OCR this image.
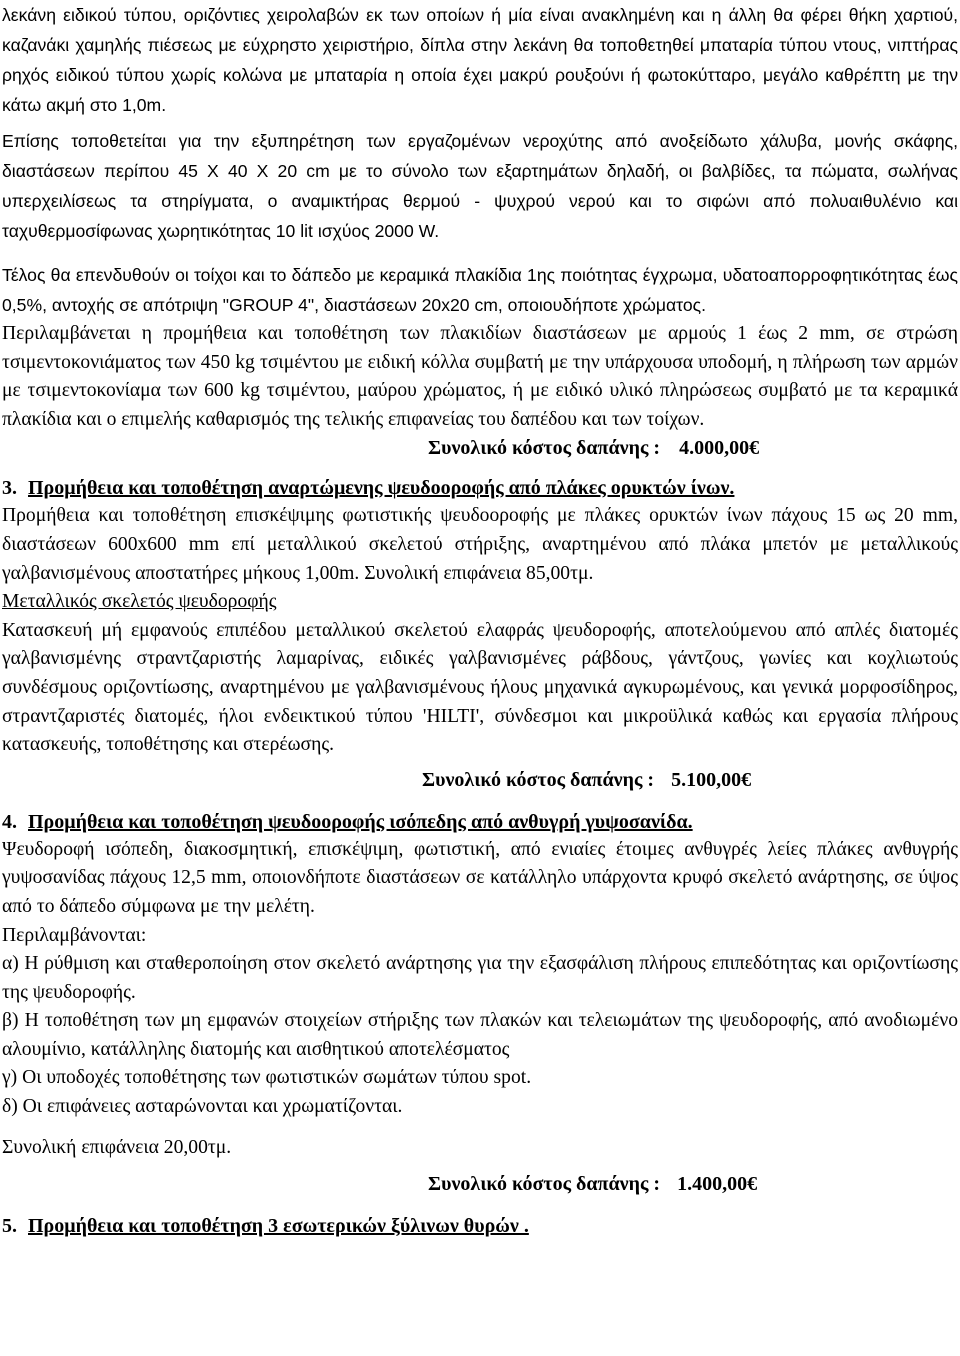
λεκάνη ειδικού τύπου, οριζόντιες χειρολαβών εκ των οποίων ή μία είναι ανακλημένη και η άλλη θα φέρει θήκη χαρτιού, καζανάκι χαμηλής πιέσεως με εύχρηστο χειριστήριο, δίπλα στην λεκάνη θα τοποθετηθεί μπαταρία τύπου ντους, νιπτήρας ρηχός ειδικού τύπου χωρίς κολώνα με μπαταρία η οποία έχει μακρύ ρουξούνι ή φωτοκύτταρο, μεγάλο καθρέπτη με την κάτω ακμή στο 1,0m.

Επίσης τοποθετείται για την εξυπηρέτηση των εργαζομένων νεροχύτης από ανοξείδωτο χάλυβα, μονής σκάφης, διαστάσεων περίπου 45 Χ 40 Χ 20 cm με το σύνολο των εξαρτημάτων δηλαδή, οι βαλβίδες, τα πώματα, σωλήνας υπερχειλίσεως τα στηρίγματα, ο αναμικτήρας θερμού - ψυχρού νερού και το σιφώνι από πολυαιθυλένιο και ταχυθερμοσίφωνας χωρητικότητας 10 lit ισχύος 2000 W.

Τέλος θα επενδυθούν οι τοίχοι και το δάπεδο με κεραμικά πλακίδια 1ης ποιότητας έγχρωμα, υδατοαπορροφητικότητας έως 0,5%, αντοχής σε απότριψη "GROUP 4", διαστάσεων 20x20 cm, οποιουδήποτε χρώματος.

Περιλαμβάνεται η προμήθεια και τοποθέτηση των πλακιδίων διαστάσεων με αρμούς 1 έως 2 mm, σε στρώση τσιμεντοκονιάματος των 450 kg τσιμέντου με ειδική κόλλα συμβατή με την υπάρχουσα υποδομή, η πλήρωση των αρμών με τσιμεντοκονίαμα των 600 kg τσιμέντου, μαύρου χρώματος, ή με ειδικό υλικό πληρώσεως συμβατό με τα κεραμικά πλακίδια και ο επιμελής καθαρισμός της τελικής επιφανείας του δαπέδου και των τοίχων.

Συνολικό κόστος δαπάνης : 4.000,00€
3. Προμήθεια και τοποθέτηση αναρτώμενης ψευδοοροφής από πλάκες ορυκτών ίνων.

Προμήθεια και τοποθέτηση επισκέψιμης φωτιστικής ψευδοοροφής με πλάκες ορυκτών ίνων πάχους 15 ως 20 mm, διαστάσεων 600x600 mm επί μεταλλικού σκελετού στήριξης, αναρτημένου από πλάκα μπετόν με μεταλλικούς γαλβανισμένους αποστατήρες μήκους 1,00m. Συνολική επιφάνεια 85,00τμ.

Μεταλλικός σκελετός ψευδοροφής

Κατασκευή μή εμφανούς επιπέδου μεταλλικού σκελετού ελαφράς ψευδοροφής, αποτελούμενου από απλές διατομές γαλβανισμένης στραντζαριστής λαμαρίνας, ειδικές γαλβανισμένες ράβδους, γάντζους, γωνίες και κοχλιωτούς συνδέσμους οριζοντίωσης, αναρτημένου με γαλβανισμένους ήλους μηχανικά αγκυρωμένους, και γενικά μορφοσίδηρος, στραντζαριστές διατομές, ήλοι ενδεικτικού τύπου 'HILTI', σύνδεσμοι και μικροϋλικά καθώς και εργασία πλήρους κατασκευής, τοποθέτησης και στερέωσης.

Συνολικό κόστος δαπάνης : 5.100,00€
4. Προμήθεια και τοποθέτηση ψευδοοροφής ισόπεδης από ανθυγρή γυψοσανίδα.

Ψευδοροφή ισόπεδη, διακοσμητική, επισκέψιμη, φωτιστική, από ενιαίες έτοιμες ανθυγρές λείες πλάκες ανθυγρής γυψοσανίδας πάχους 12,5 mm, οποιονδήποτε διαστάσεων σε κατάλληλο υπάρχοντα κρυφό σκελετό ανάρτησης, σε ύψος από το δάπεδο σύμφωνα με την μελέτη.

Περιλαμβάνονται:

α) Η ρύθμιση και σταθεροποίηση στον σκελετό ανάρτησης για την εξασφάλιση πλήρους επιπεδότητας και οριζοντίωσης της ψευδοροφής.

β) Η τοποθέτηση των μη εμφανών στοιχείων στήριξης των πλακών και τελειωμάτων της ψευδοροφής, από ανοδιωμένο αλουμίνιο, κατάλληλης διατομής και αισθητικού αποτελέσματος

γ) Οι υποδοχές τοποθέτησης των φωτιστικών σωμάτων τύπου spot.

δ) Οι επιφάνειες ασταρώνονται και χρωματίζονται.

Συνολική επιφάνεια 20,00τμ.

Συνολικό κόστος δαπάνης : 1.400,00€
5. Προμήθεια και τοποθέτηση 3 εσωτερικών ξύλινων θυρών .
